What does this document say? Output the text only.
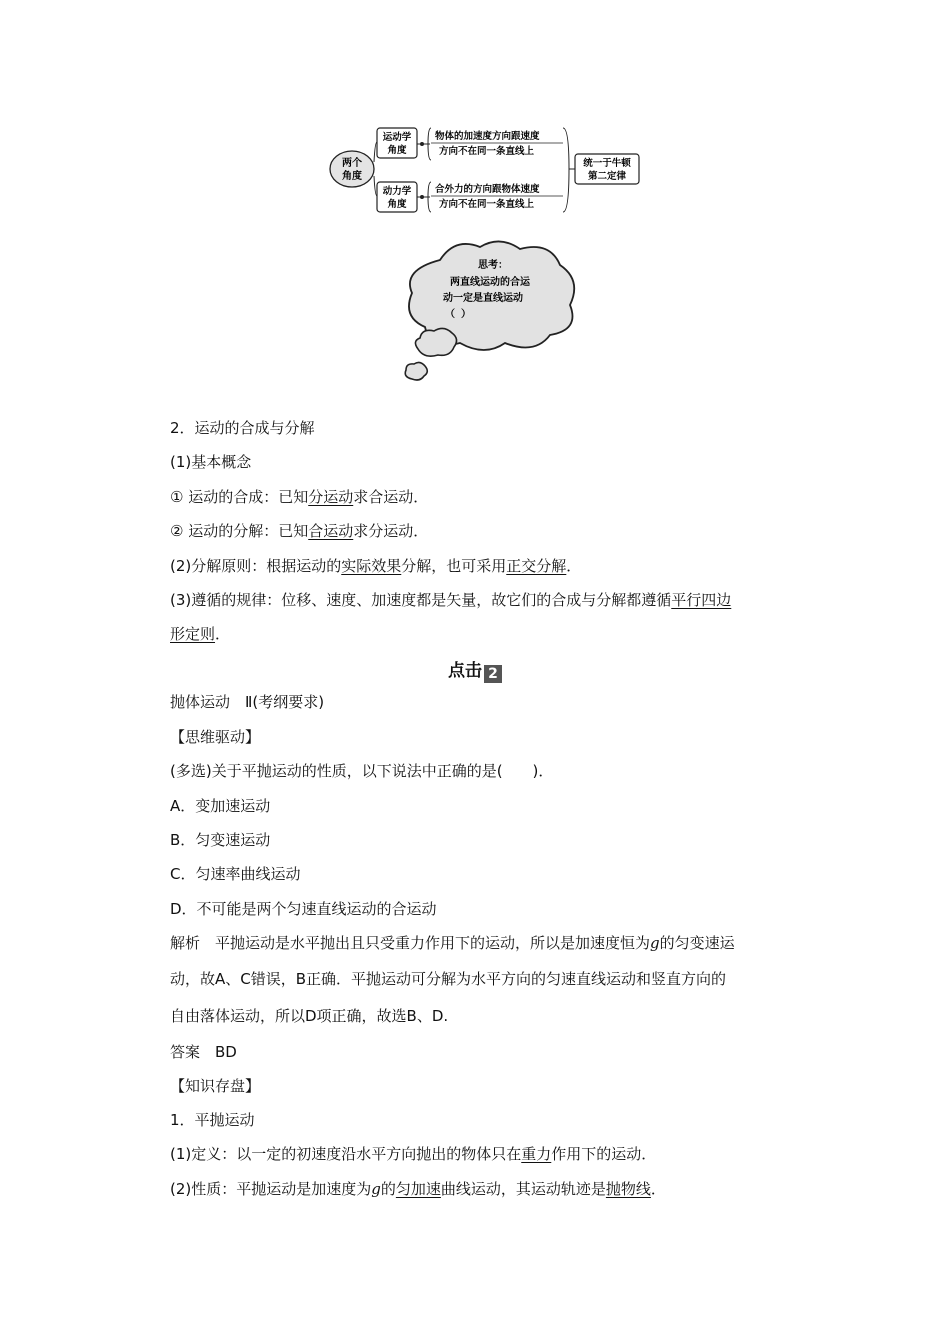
两个
角度
运动学
角度
动力学
角度
物体的加速度方向跟速度
方向不在同一条直线上
合外力的方向跟物体速度
方向不在同一条直线上
统一于牛顿
第二定律
思考：
两直线运动的合运
动一定是直线运动
（ ）
2．运动的合成与分解
(1)基本概念
① 运动的合成：已知分运动求合运动．
② 运动的分解：已知合运动求分运动．
(2)分解原则：根据运动的实际效果分解，也可采用正交分解．
(3)遵循的规律：位移、速度、加速度都是矢量，故它们的合成与分解都遵循平行四边
形定则．
点击 2
抛体运动　Ⅱ(考纲要求)
【思维驱动】
(多选)关于平抛运动的性质，以下说法中正确的是(　　)．
A．变加速运动
B．匀变速运动
C．匀速率曲线运动
D．不可能是两个匀速直线运动的合运动
解析　平抛运动是水平抛出且只受重力作用下的运动，所以是加速度恒为g的匀变速运
动，故A、C错误，B正确．平抛运动可分解为水平方向的匀速直线运动和竖直方向的
自由落体运动，所以D项正确，故选B、D.
答案　BD
【知识存盘】
1．平抛运动
(1)定义：以一定的初速度沿水平方向抛出的物体只在重力作用下的运动．
(2)性质：平抛运动是加速度为g的匀加速曲线运动，其运动轨迹是抛物线．
